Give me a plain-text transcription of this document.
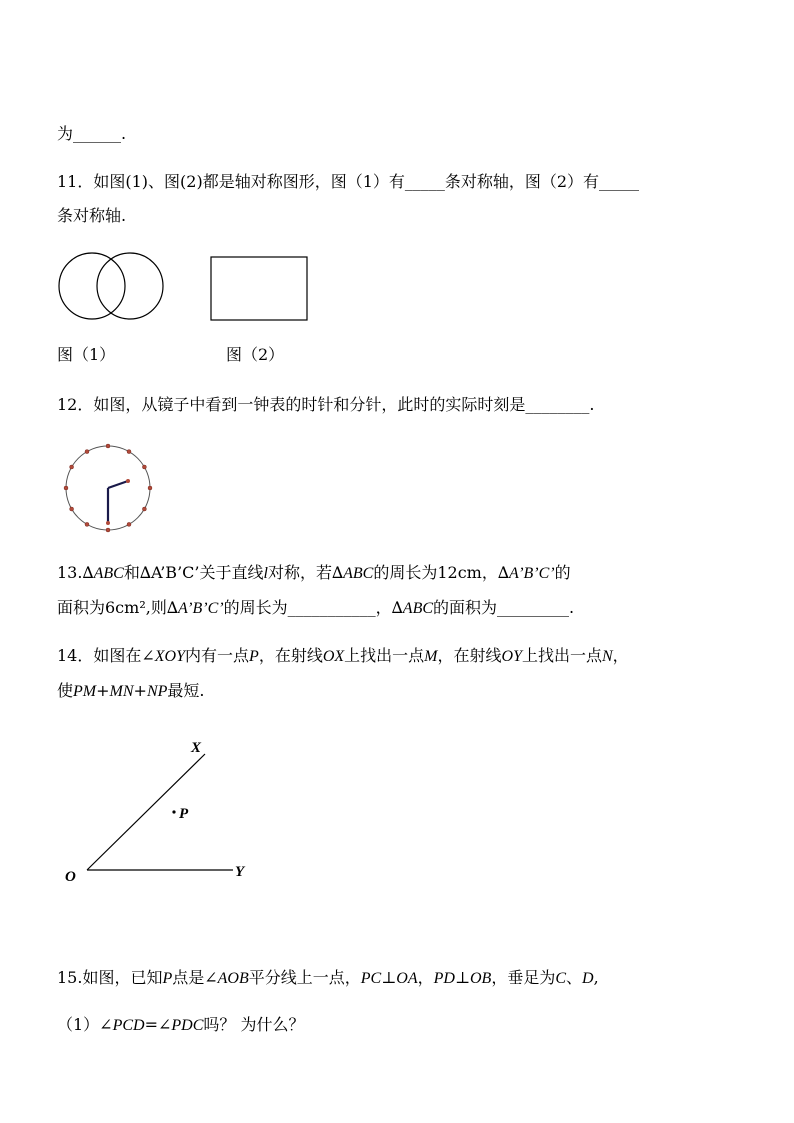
为______.
11．如图(1)、图(2)都是轴对称图形，图（1）有_____条对称轴，图（2）有_____
条对称轴.
图（1）	图（2）
12．如图，从镜子中看到一钟表的时针和分针，此时的实际时刻是________.
13.∆ABC和∆A’B’C’关于直线l对称，若∆ABC的周长为12cm，∆A’B’C’的
面积为6cm²,则∆A’B’C’的周长为___________，∆ABC的面积为_________.
14．如图在∠XOY内有一点P，在射线OX上找出一点M，在射线OY上找出一点N，
使PM+MN+NP最短.
X
O	Y
P
15.如图，已知P点是∠AOB平分线上一点，PC⊥OA，PD⊥OB，垂足为C、D,
（1）∠PCD=∠PDC吗？ 为什么？
